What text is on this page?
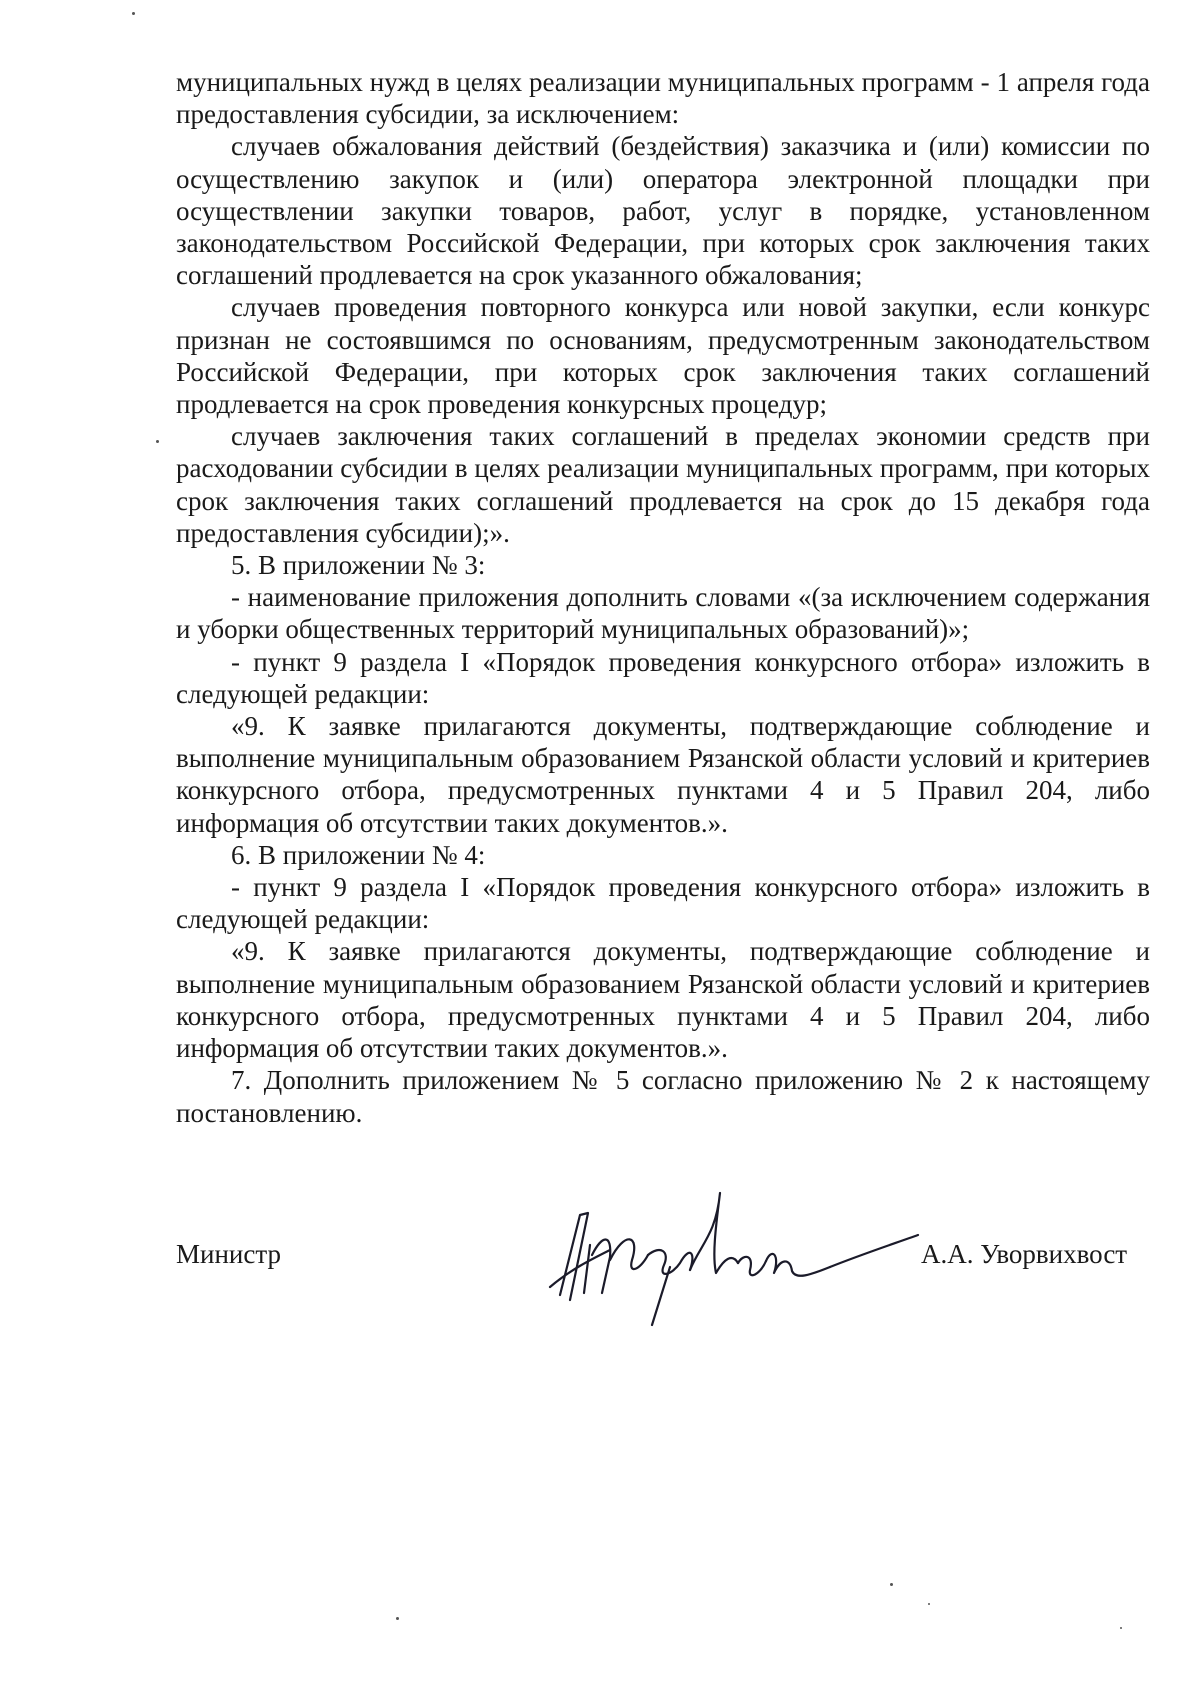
муниципальных нужд в целях реализации муниципальных программ - 1 апреля года предоставления субсидии, за исключением:

случаев обжалования действий (бездействия) заказчика и (или) комиссии по осуществлению закупок и (или) оператора электронной площадки при осуществлении закупки товаров, работ, услуг в порядке, установленном законодательством Российской Федерации, при которых срок заключения таких соглашений продлевается на срок указанного обжалования;

случаев проведения повторного конкурса или новой закупки, если конкурс признан не состоявшимся по основаниям, предусмотренным законодательством Российской Федерации, при которых срок заключения таких соглашений продлевается на срок проведения конкурсных процедур;

случаев заключения таких соглашений в пределах экономии средств при расходовании субсидии в целях реализации муниципальных программ, при которых срок заключения таких соглашений продлевается на срок до 15 декабря года предоставления субсидии);».

5. В приложении № 3:

- наименование приложения дополнить словами «(за исключением содержания и уборки общественных территорий муниципальных образований)»;

- пункт 9 раздела I «Порядок проведения конкурсного отбора» изложить в следующей редакции:

«9. К заявке прилагаются документы, подтверждающие соблюдение и выполнение муниципальным образованием Рязанской области условий и критериев конкурсного отбора, предусмотренных пунктами 4 и 5 Правил 204, либо информация об отсутствии таких документов.».

6. В приложении № 4:

- пункт 9 раздела I «Порядок проведения конкурсного отбора» изложить в следующей редакции:

«9. К заявке прилагаются документы, подтверждающие соблюдение и выполнение муниципальным образованием Рязанской области условий и критериев конкурсного отбора, предусмотренных пунктами 4 и 5 Правил 204, либо информация об отсутствии таких документов.».

7. Дополнить приложением № 5 согласно приложению № 2 к настоящему постановлению.

Министр	А.А. Уворвихвост
